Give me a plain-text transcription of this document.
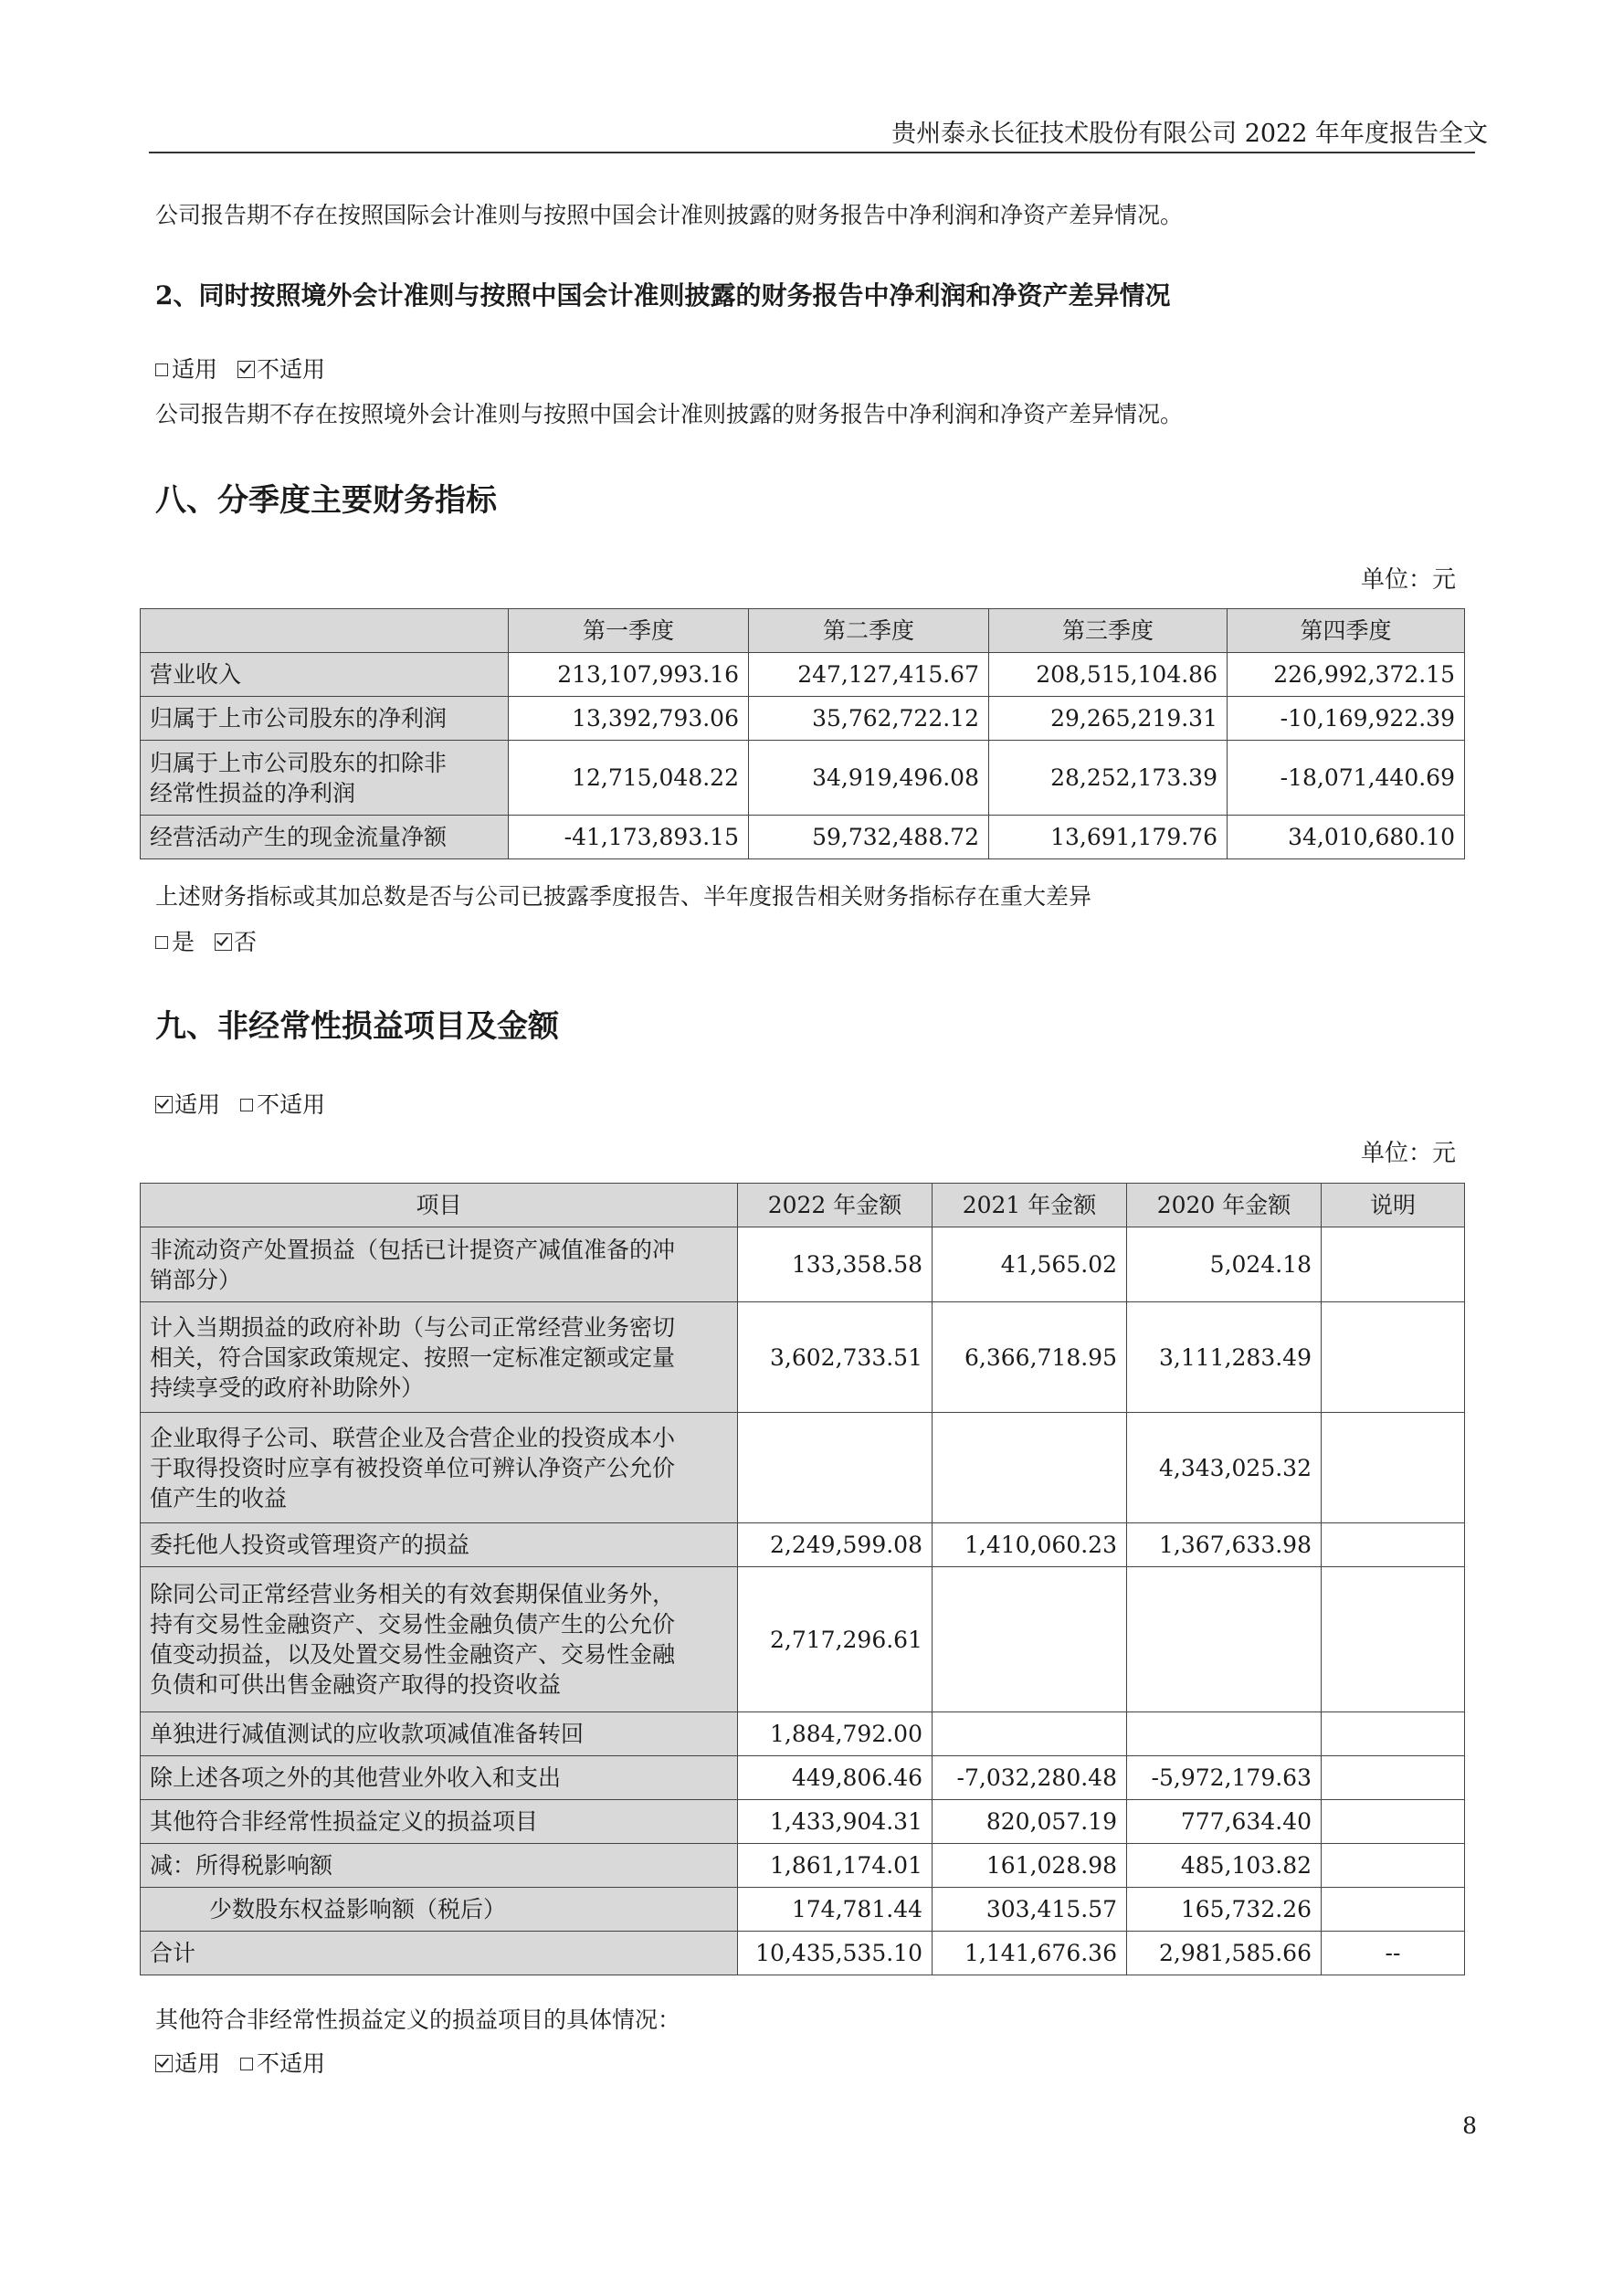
贵州泰永长征技术股份有限公司 2022 年年度报告全文
公司报告期不存在按照国际会计准则与按照中国会计准则披露的财务报告中净利润和净资产差异情况。
2、同时按照境外会计准则与按照中国会计准则披露的财务报告中净利润和净资产差异情况
适用 不适用
公司报告期不存在按照境外会计准则与按照中国会计准则披露的财务报告中净利润和净资产差异情况。
八、分季度主要财务指标
单位：元
	第一季度	第二季度	第三季度	第四季度
营业收入	213,107,993.16	247,127,415.67	208,515,104.86	226,992,372.15
归属于上市公司股东的净利润	13,392,793.06	35,762,722.12	29,265,219.31	-10,169,922.39

归属于上市公司股东的扣除非
经常性损益的净利润	12,715,048.22	34,919,496.08	28,252,173.39	-18,071,440.69
经营活动产生的现金流量净额	-41,173,893.15	59,732,488.72	13,691,179.76	34,010,680.10
上述财务指标或其加总数是否与公司已披露季度报告、半年度报告相关财务指标存在重大差异
是 否
九、非经常性损益项目及金额
适用 不适用
单位：元
项目	2022 年金额	2021 年金额	2020 年金额	说明

非流动资产处置损益（包括已计提资产减值准备的冲
销部分）	133,358.58	41,565.02	5,024.18	

计入当期损益的政府补助（与公司正常经营业务密切
相关，符合国家政策规定、按照一定标准定额或定量
持续享受的政府补助除外）	3,602,733.51	6,366,718.95	3,111,283.49	

企业取得子公司、联营企业及合营企业的投资成本小
于取得投资时应享有被投资单位可辨认净资产公允价
值产生的收益			4,343,025.32	
委托他人投资或管理资产的损益	2,249,599.08	1,410,060.23	1,367,633.98	

除同公司正常经营业务相关的有效套期保值业务外，
持有交易性金融资产、交易性金融负债产生的公允价
值变动损益，以及处置交易性金融资产、交易性金融
负债和可供出售金融资产取得的投资收益	2,717,296.61			
单独进行减值测试的应收款项减值准备转回	1,884,792.00			
除上述各项之外的其他营业外收入和支出	449,806.46	-7,032,280.48	-5,972,179.63	
其他符合非经常性损益定义的损益项目	1,433,904.31	820,057.19	777,634.40	
减：所得税影响额	1,861,174.01	161,028.98	485,103.82	
少数股东权益影响额（税后）	174,781.44	303,415.57	165,732.26	
合计	10,435,535.10	1,141,676.36	2,981,585.66	--
其他符合非经常性损益定义的损益项目的具体情况：
适用 不适用
8
